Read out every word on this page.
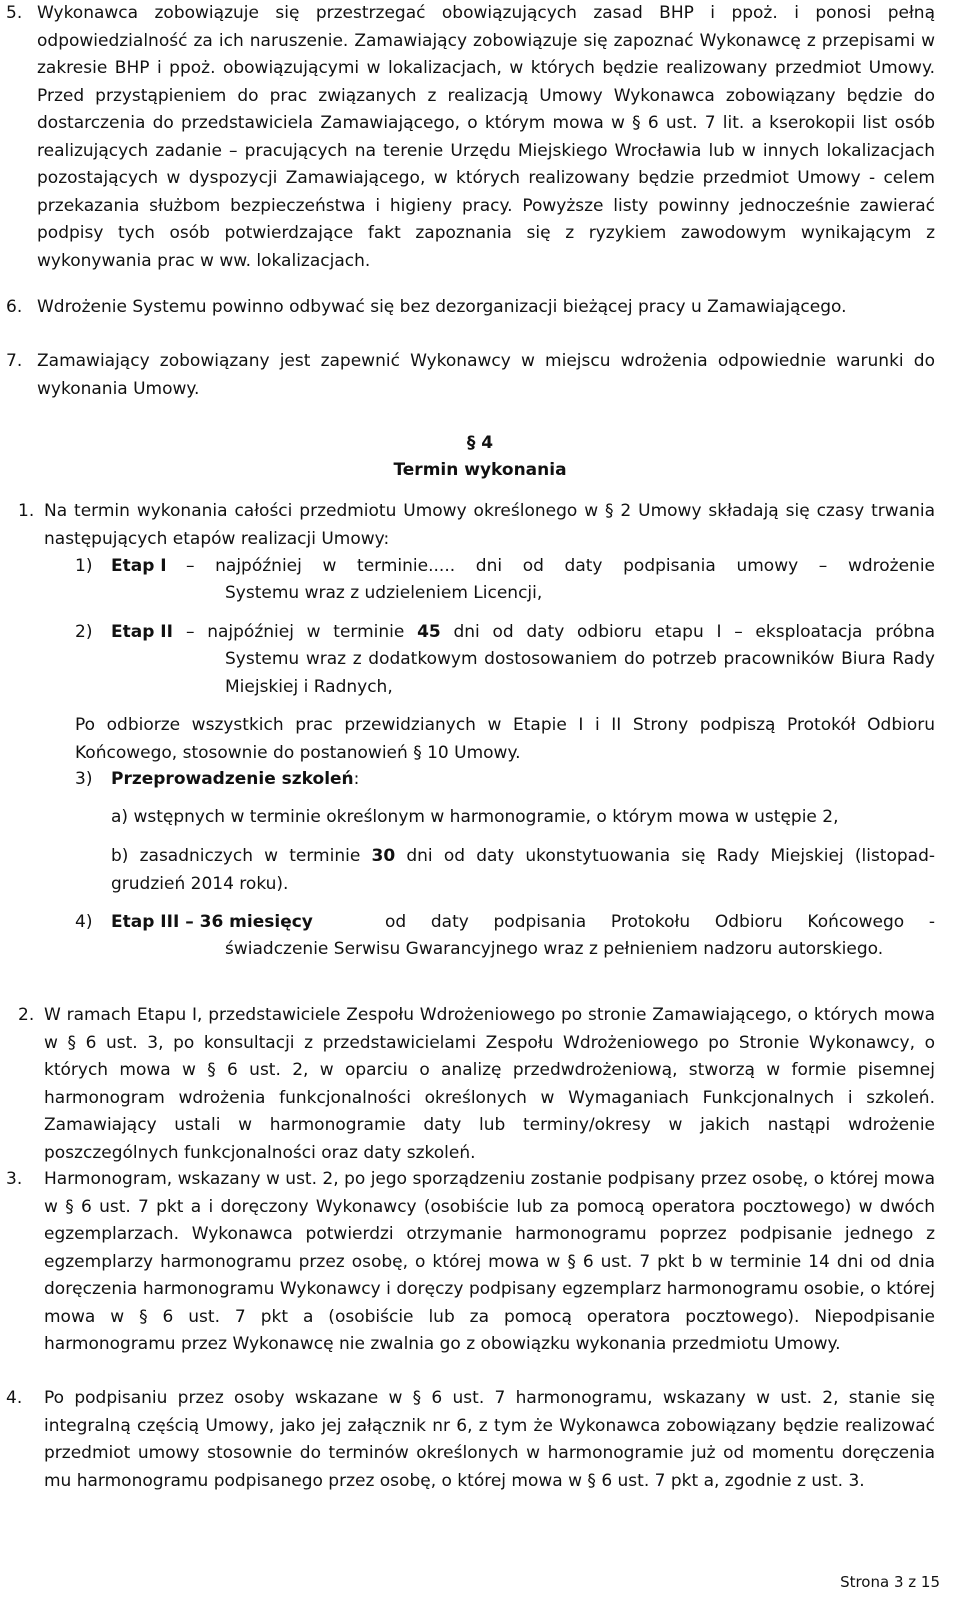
5. Wykonawca zobowiązuje się przestrzegać obowiązujących zasad BHP i ppoż. i ponosi pełną odpowiedzialność za ich naruszenie. Zamawiający zobowiązuje się zapoznać Wykonawcę z przepisami w zakresie BHP i ppoż. obowiązującymi w lokalizacjach, w których będzie realizowany przedmiot Umowy. Przed przystąpieniem do prac związanych z realizacją Umowy Wykonawca zobowiązany będzie do dostarczenia do przedstawiciela Zamawiającego, o którym mowa w § 6 ust. 7 lit. a kserokopii list osób realizujących zadanie – pracujących na terenie Urzędu Miejskiego Wrocławia lub w innych lokalizacjach pozostających w dyspozycji Zamawiającego, w których realizowany będzie przedmiot Umowy - celem przekazania służbom bezpieczeństwa i higieny pracy. Powyższe listy powinny jednocześnie zawierać podpisy tych osób potwierdzające fakt zapoznania się z ryzykiem zawodowym wynikającym z wykonywania prac w ww. lokalizacjach.
6. Wdrożenie Systemu powinno odbywać się bez dezorganizacji bieżącej pracy u Zamawiającego.
7. Zamawiający zobowiązany jest zapewnić Wykonawcy w miejscu wdrożenia odpowiednie warunki do wykonania Umowy.
§ 4
Termin wykonania
1. Na termin wykonania całości przedmiotu Umowy określonego w § 2 Umowy składają się czasy trwania następujących etapów realizacji Umowy:
1) Etap I – najpóźniej w terminie..... dni od daty podpisania umowy – wdrożenie
Systemu wraz z udzieleniem Licencji,
2) Etap II – najpóźniej w terminie 45 dni od daty odbioru etapu I – eksploatacja próbna
Systemu wraz z dodatkowym dostosowaniem do potrzeb pracowników Biura Rady Miejskiej i Radnych,
Po odbiorze wszystkich prac przewidzianych w Etapie I i II Strony podpiszą Protokół Odbioru Końcowego, stosownie do postanowień § 10 Umowy.
3) Przeprowadzenie szkoleń:
a) wstępnych w terminie określonym w harmonogramie, o którym mowa w ustępie 2,
b) zasadniczych w terminie 30 dni od daty ukonstytuowania się Rady Miejskiej (listopad-grudzień 2014 roku).
4) Etap III – 36 miesięcy	od daty podpisania Protokołu Odbioru Końcowego -
świadczenie Serwisu Gwarancyjnego wraz z pełnieniem nadzoru autorskiego.
2. W ramach Etapu I, przedstawiciele Zespołu Wdrożeniowego po stronie Zamawiającego, o których mowa w § 6 ust. 3, po konsultacji z przedstawicielami Zespołu Wdrożeniowego po Stronie Wykonawcy, o których mowa w § 6 ust. 2, w oparciu o analizę przedwdrożeniową, stworzą w formie pisemnej harmonogram wdrożenia funkcjonalności określonych w Wymaganiach Funkcjonalnych i szkoleń. Zamawiający ustali w harmonogramie daty lub terminy/okresy w jakich nastąpi wdrożenie poszczególnych funkcjonalności oraz daty szkoleń.
3. Harmonogram, wskazany w ust. 2, po jego sporządzeniu zostanie podpisany przez osobę, o której mowa w § 6 ust. 7 pkt a i doręczony Wykonawcy (osobiście lub za pomocą operatora pocztowego) w dwóch egzemplarzach. Wykonawca potwierdzi otrzymanie harmonogramu poprzez podpisanie jednego z egzemplarzy harmonogramu przez osobę, o której mowa w § 6 ust. 7 pkt b w terminie 14 dni od dnia doręczenia harmonogramu Wykonawcy i doręczy podpisany egzemplarz harmonogramu osobie, o której mowa w § 6 ust. 7 pkt a (osobiście lub za pomocą operatora pocztowego). Niepodpisanie harmonogramu przez Wykonawcę nie zwalnia go z obowiązku wykonania przedmiotu Umowy.
4. Po podpisaniu przez osoby wskazane w § 6 ust. 7 harmonogramu, wskazany w ust. 2, stanie się integralną częścią Umowy, jako jej załącznik nr 6, z tym że Wykonawca zobowiązany będzie realizować przedmiot umowy stosownie do terminów określonych w harmonogramie już od momentu doręczenia mu harmonogramu podpisanego przez osobę, o której mowa w § 6 ust. 7 pkt a, zgodnie z ust. 3.
Strona 3 z 15
